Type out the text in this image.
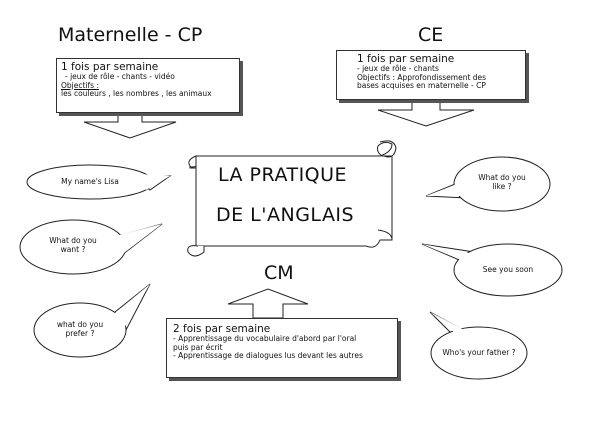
Maternelle - CP	CE
CM
1 fois par semaine
- jeux de rôle - chants - vidéo
Objectifs :
les couleurs , les nombres , les animaux
1 fois par semaine
- jeux de rôle - chants
Objectifs : Approfondissement des
bases acquises en maternelle - CP
2 fois par semaine
- Apprentissage du vocabulaire d'abord par l'oral
puis par écrit
- Apprentissage de dialogues lus devant les autres
LA PRATIQUE
DE L'ANGLAIS
My name's Lisa
What do you
want ?
what do you
prefer ?
What do you
like ?
See you soon
Who's your father ?
